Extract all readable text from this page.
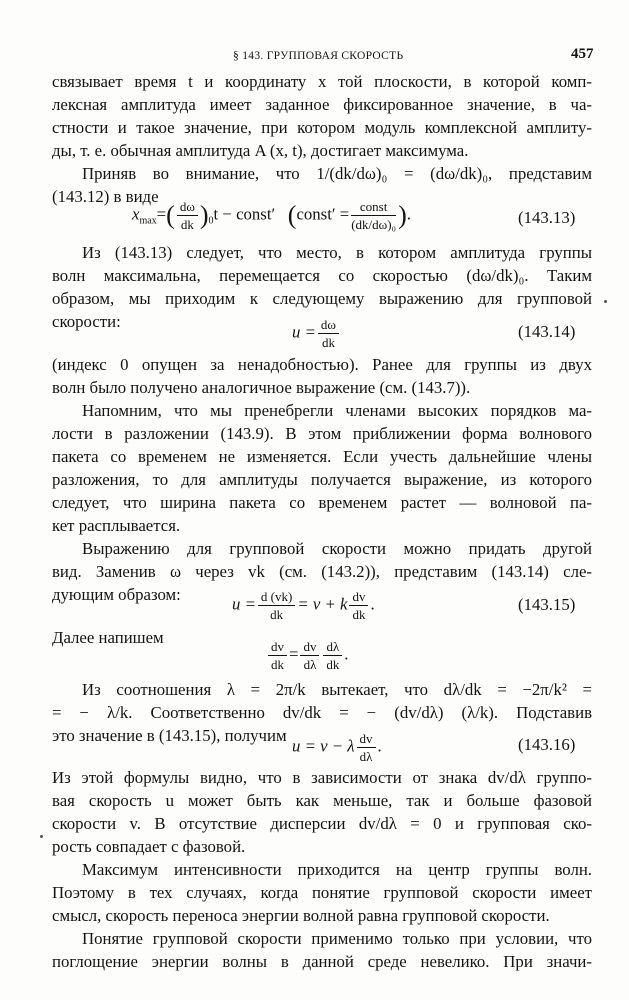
§ 143. ГРУППОВАЯ СКОРОСТЬ	457
связывает время t и координату x той плоскости, в которой комп-
лексная амплитуда имеет заданное фиксированное значение, в ча-
стности и такое значение, при котором модуль комплексной амплиту-
ды, т. е. обычная амплитуда A (x, t), достигает максимума.
Приняв во внимание, что 1/(dk/dω)₀ = (dω/dk)₀, представим
(143.12) в виде
$x_{max}=( \frac{d\omega}{dk} )_0t$ − const′ (const′ = $\frac{\text{const}}{\text{(dk/dω)₀}}$ ).	(143.13)
Из (143.13) следует, что место, в котором амплитуда группы
волн максимальна, перемещается со скоростью (dω/dk)₀. Таким
образом, мы приходим к следующему выражению для групповой
скорости:
$u = \frac{d\omega}{dk}$	(143.14)
(индекс 0 опущен за ненадобностью). Ранее для группы из двух
волн было получено аналогичное выражение (см. (143.7)).
Напомним, что мы пренебрегли членами высоких порядков ма-
лости в разложении (143.9). В этом приближении форма волнового
пакета со временем не изменяется. Если учесть дальнейшие члены
разложения, то для амплитуды получается выражение, из которого
следует, что ширина пакета со временем растет — волновой па-
кет расплывается.
Выражению для групповой скорости можно придать другой
вид. Заменив ω через vk (см. (143.2)), представим (143.14) сле-
дующим образом:	$u = \frac{d (vk)}{dk} = v + k \frac{dv}{dk}$ .	(143.15)
Далее напишем
$\frac{dv}{dk} = \frac{dv}{d\lambda} \frac{d\lambda}{dk}$ .
Из соотношения λ = 2π/k вытекает, что dλ/dk = −2π/k² =
= − λ/k. Соответственно dv/dk = − (dv/dλ) (λ/k). Подставив
это значение в (143.15), получим
u = v − λ $\frac{dv}{d\lambda}$ .	(143.16)
Из этой формулы видно, что в зависимости от знака dv/dλ группо-
вая скорость u может быть как меньше, так и больше фазовой
скорости v. В отсутствие дисперсии dv/dλ = 0 и групповая ско-
рость совпадает с фазовой.
Максимум интенсивности приходится на центр группы волн.
Поэтому в тех случаях, когда понятие групповой скорости имеет
смысл, скорость переноса энергии волной равна групповой скорости.
Понятие групповой скорости применимо только при условии, что
поглощение энергии волны в данной среде невелико. При значи-
